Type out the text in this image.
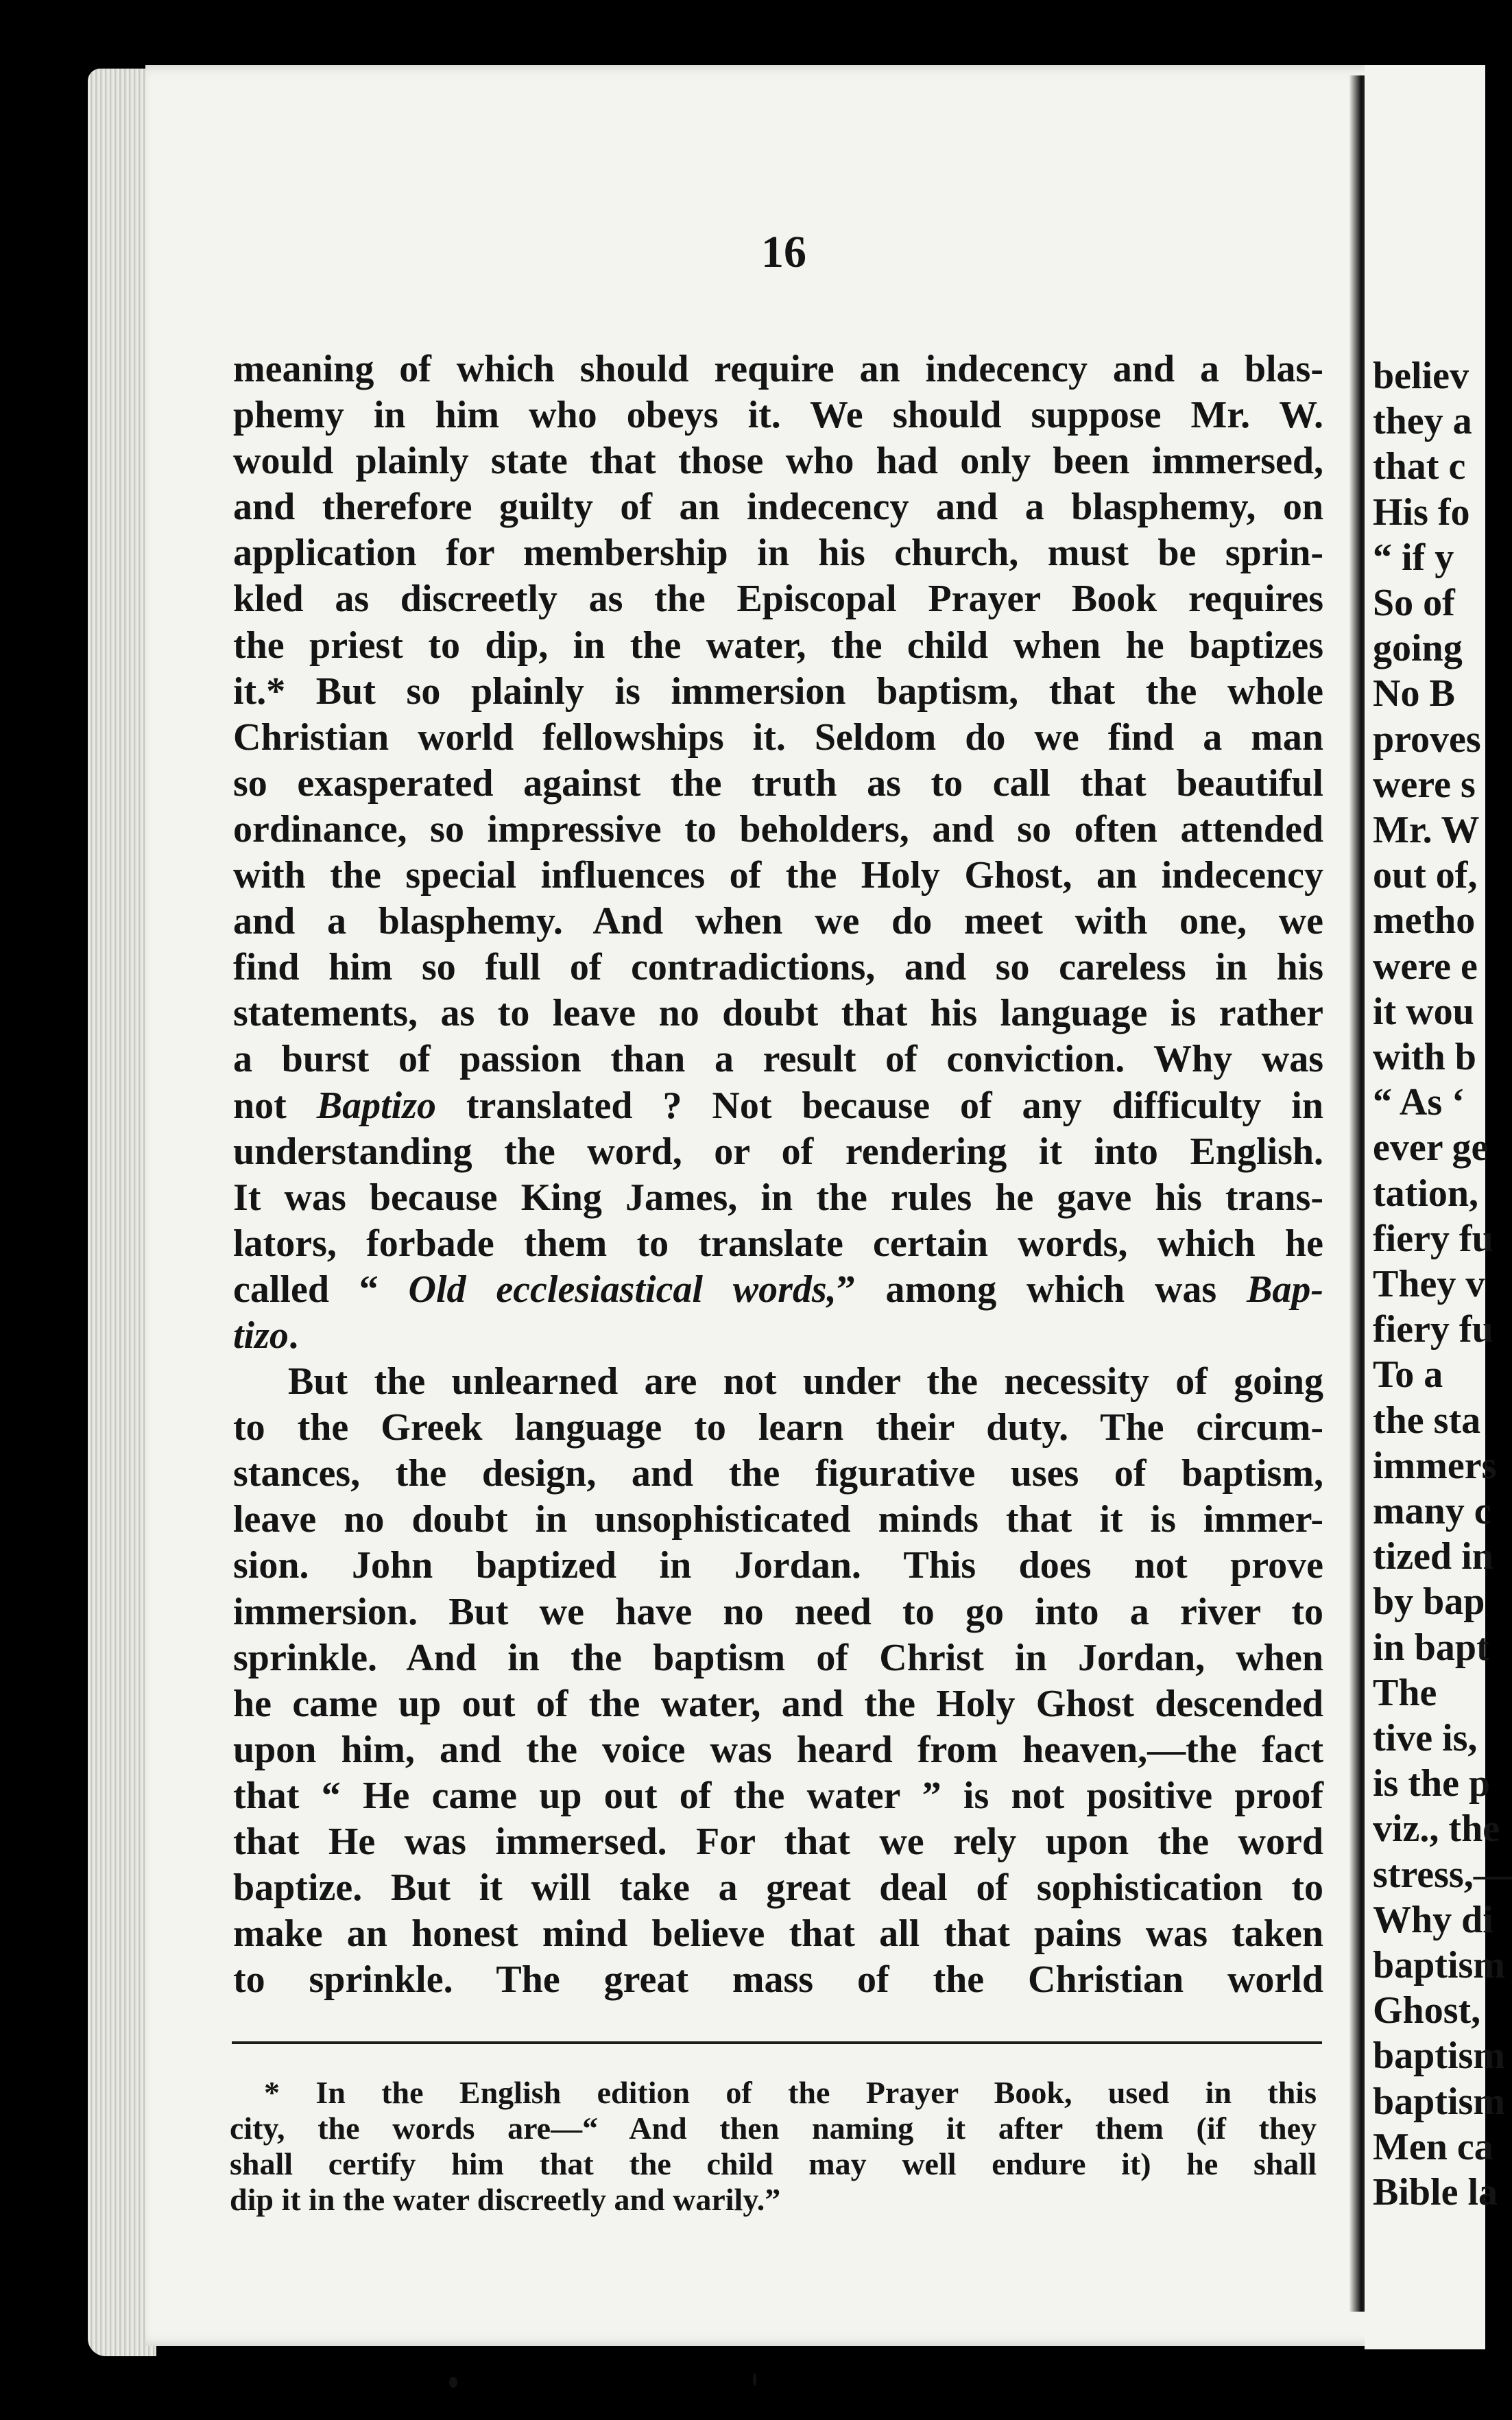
believ
they a
that c
His fo
“ if y
So of
going
No B
proves
were s
Mr. W
out of,
metho
were e
it wou
with b
“ As ‘
ever ge
tation,
fiery fu
They v
fiery fu
To a
the sta
immers
many c
tized in
by bap
in bapt
The
tive is,
is the p
viz., the
stress,—
Why di
baptism
Ghost,
baptism
baptism
Men ca
Bible la
16
meaning of which should require an indecency and a blas-
phemy in him who obeys it. We should suppose Mr. W.
would plainly state that those who had only been immersed,
and therefore guilty of an indecency and a blasphemy, on
application for membership in his church, must be sprin-
kled as discreetly as the Episcopal Prayer Book requires
the priest to dip, in the water, the child when he baptizes
it.* But so plainly is immersion baptism, that the whole
Christian world fellowships it. Seldom do we find a man
so exasperated against the truth as to call that beautiful
ordinance, so impressive to beholders, and so often attended
with the special influences of the Holy Ghost, an indecency
and a blasphemy. And when we do meet with one, we
find him so full of contradictions, and so careless in his
statements, as to leave no doubt that his language is rather
a burst of passion than a result of conviction. Why was
not Baptizo translated ? Not because of any difficulty in
understanding the word, or of rendering it into English.
It was because King James, in the rules he gave his trans-
lators, forbade them to translate certain words, which he
called “ Old ecclesiastical words,” among which was Bap-
tizo.
But the unlearned are not under the necessity of going
to the Greek language to learn their duty. The circum-
stances, the design, and the figurative uses of baptism,
leave no doubt in unsophisticated minds that it is immer-
sion. John baptized in Jordan. This does not prove
immersion. But we have no need to go into a river to
sprinkle. And in the baptism of Christ in Jordan, when
he came up out of the water, and the Holy Ghost descended
upon him, and the voice was heard from heaven,—the fact
that “ He came up out of the water ” is not positive proof
that He was immersed. For that we rely upon the word
baptize. But it will take a great deal of sophistication to
make an honest mind believe that all that pains was taken
to sprinkle. The great mass of the Christian world
* In the English edition of the Prayer Book, used in this
city, the words are—“ And then naming it after them (if they
shall certify him that the child may well endure it) he shall
dip it in the water discreetly and warily.”
